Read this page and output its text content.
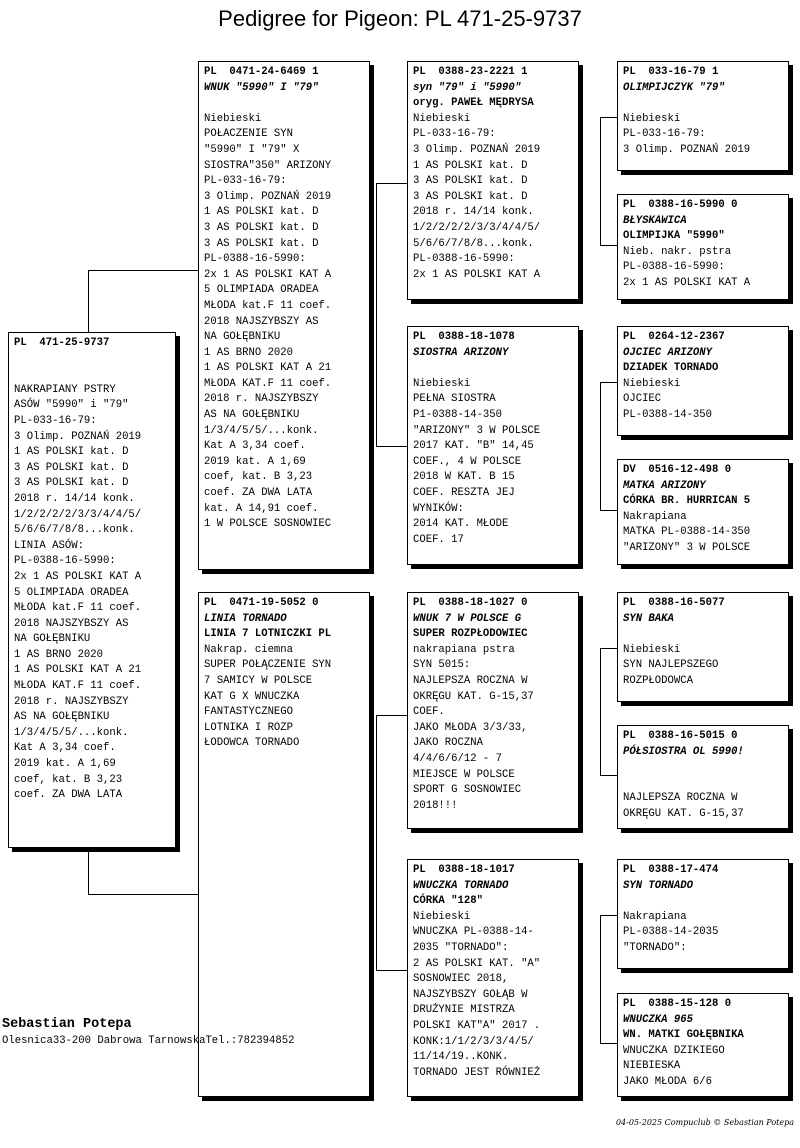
Pedigree for Pigeon: PL 471-25-9737
PL  471-25-9737
NAKRAPIANY PSTRY
ASÓW "5990" i "79"
PL-033-16-79:
3 Olimp. POZNAŃ 2019
1 AS POLSKI kat. D
3 AS POLSKI kat. D
3 AS POLSKI kat. D
2018 r. 14/14 konk.
1/2/2/2/2/3/3/4/4/5/
5/6/6/7/8/8...konk.
LINIA ASÓW:
PL-0388-16-5990:
2x 1 AS POLSKI KAT A
5 OLIMPIADA ORADEA
MŁODA kat.F 11 coef.
2018 NAJSZYBSZY AS
NA GOŁĘBNIKU
1 AS BRNO 2020
1 AS POLSKI KAT A 21
MŁODA KAT.F 11 coef.
2018 r. NAJSZYBSZY
AS NA GOŁĘBNIKU
1/3/4/5/5/...konk.
Kat A 3,34 coef.
2019 kat. A 1,69
coef, kat. B 3,23
coef. ZA DWA LATA
PL  0471-24-6469 1
WNUK "5990" I "79"
Niebieski
POŁACZENIE SYN
"5990" I "79" X
SIOSTRA"350" ARIZONY
PL-033-16-79:
3 Olimp. POZNAŃ 2019
1 AS POLSKI kat. D
3 AS POLSKI kat. D
3 AS POLSKI kat. D
PL-0388-16-5990:
2x 1 AS POLSKI KAT A
5 OLIMPIADA ORADEA
MŁODA kat.F 11 coef.
2018 NAJSZYBSZY AS
NA GOŁĘBNIKU
1 AS BRNO 2020
1 AS POLSKI KAT A 21
MŁODA KAT.F 11 coef.
2018 r. NAJSZYBSZY
AS NA GOŁĘBNIKU
1/3/4/5/5/...konk.
Kat A 3,34 coef.
2019 kat. A 1,69
coef, kat. B 3,23
coef. ZA DWA LATA
kat. A 14,91 coef.
1 W POLSCE SOSNOWIEC
PL  0471-19-5052 0
LINIA TORNADO
LINIA 7 LOTNICZKI PL
Nakrap. ciemna
SUPER POŁĄCZENIE SYN
7 SAMICY W POLSCE
KAT G X WNUCZKA
FANTASTYCZNEGO
LOTNIKA I ROZP
ŁODOWCA TORNADO
PL  0388-23-2221 1
syn "79" i "5990"
oryg. PAWEŁ MĘDRYSA
Niebieski
PL-033-16-79:
3 Olimp. POZNAŃ 2019
1 AS POLSKI kat. D
3 AS POLSKI kat. D
3 AS POLSKI kat. D
2018 r. 14/14 konk.
1/2/2/2/2/3/3/4/4/5/
5/6/6/7/8/8...konk.
PL-0388-16-5990:
2x 1 AS POLSKI KAT A
PL  0388-18-1078
SIOSTRA ARIZONY
Niebieski
PEŁNA SIOSTRA
P1-0388-14-350
"ARIZONY" 3 W POLSCE
2017 KAT. "B" 14,45
COEF., 4 W POLSCE
2018 W KAT. B 15
COEF. RESZTA JEJ
WYNIKÓW:
2014 KAT. MŁODE
COEF. 17
PL  0388-18-1027 0
WNUK 7 W POLSCE G
SUPER ROZPŁODOWIEC
nakrapiana pstra
SYN 5015:
NAJLEPSZA ROCZNA W
OKRĘGU KAT. G-15,37
COEF.
JAKO MŁODA 3/3/33,
JAKO ROCZNA
4/4/6/6/12 - 7
MIEJSCE W POLSCE
SPORT G SOSNOWIEC
2018!!!
PL  0388-18-1017
WNUCZKA TORNADO
CÓRKA "128"
Niebieski
WNUCZKA PL-0388-14-
2035 "TORNADO":
2 AS POLSKI KAT. "A"
SOSNOWIEC 2018,
NAJSZYBSZY GOŁĄB W
DRUŻYNIE MISTRZA
POLSKI KAT"A" 2017 .
KONK:1/1/2/3/3/4/5/
11/14/19..KONK.
TORNADO JEST RÓWNIEŻ
PL  033-16-79 1
OLIMPIJCZYK "79"
Niebieski
PL-033-16-79:
3 Olimp. POZNAŃ 2019
PL  0388-16-5990 0
BŁYSKAWICA
OLIMPIJKA "5990"
Nieb. nakr. pstra
PL-0388-16-5990:
2x 1 AS POLSKI KAT A
PL  0264-12-2367
OJCIEC ARIZONY
DZIADEK TORNADO
Niebieski
OJCIEC
PL-0388-14-350
DV  0516-12-498 0
MATKA ARIZONY
CÓRKA BR. HURRICAN 5
Nakrapiana
MATKA PL-0388-14-350
"ARIZONY" 3 W POLSCE
PL  0388-16-5077
SYN BAKA
Niebieski
SYN NAJLEPSZEGO
ROZPŁODOWCA
PL  0388-16-5015 0
PÓŁSIOSTRA OL 5990!
NAJLEPSZA ROCZNA W
OKRĘGU KAT. G-15,37
PL  0388-17-474
SYN TORNADO
Nakrapiana
PL-0388-14-2035
"TORNADO":
PL  0388-15-128 0
WNUCZKA 965
WN. MATKI GOŁĘBNIKA
WNUCZKA DZIKIEGO
NIEBIESKA
JAKO MŁODA 6/6
Sebastian Potepa
Olesnica33-200 Dabrowa TarnowskaTel.:782394852
04-05-2025 Compuclub © Sebastian Potepa
